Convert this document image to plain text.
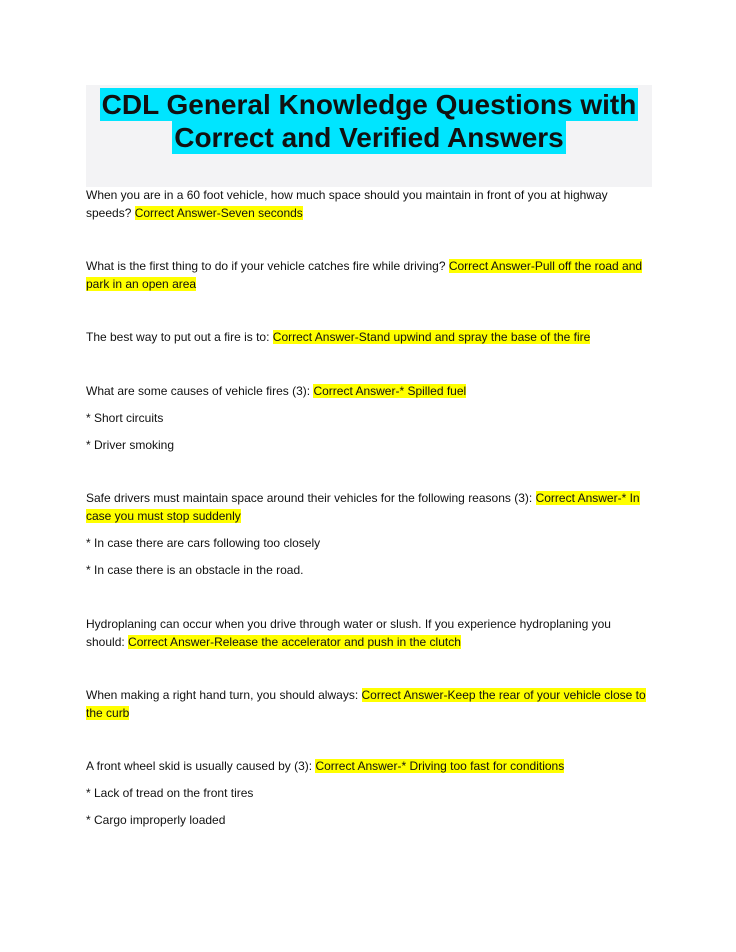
CDL General Knowledge Questions with
Correct and Verified Answers

When you are in a 60 foot vehicle, how much space should you maintain in front of you at highway speeds? Correct Answer-Seven seconds

What is the first thing to do if your vehicle catches fire while driving? Correct Answer-Pull off the road and park in an open area

The best way to put out a fire is to: Correct Answer-Stand upwind and spray the base of the fire

What are some causes of vehicle fires (3): Correct Answer-* Spilled fuel

* Short circuits

* Driver smoking

Safe drivers must maintain space around their vehicles for the following reasons (3): Correct Answer-* In case you must stop suddenly

* In case there are cars following too closely

* In case there is an obstacle in the road.

Hydroplaning can occur when you drive through water or slush. If you experience hydroplaning you should: Correct Answer-Release the accelerator and push in the clutch

When making a right hand turn, you should always: Correct Answer-Keep the rear of your vehicle close to the curb

A front wheel skid is usually caused by (3): Correct Answer-* Driving too fast for conditions

* Lack of tread on the front tires

* Cargo improperly loaded
